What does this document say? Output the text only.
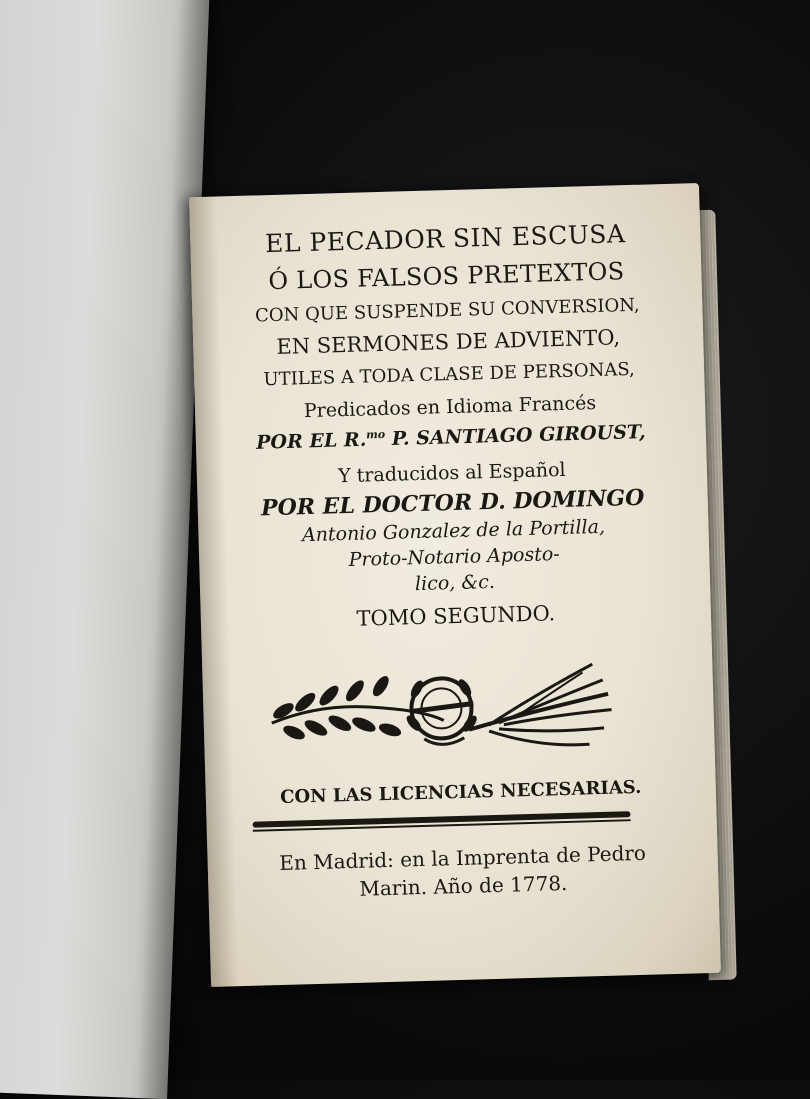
EL PECADOR SIN ESCUSA
Ó LOS FALSOS PRETEXTOS
CON QUE SUSPENDE SU CONVERSION,
EN SERMONES DE ADVIENTO,
UTILES A TODA CLASE DE PERSONAS,
Predicados en Idioma Francés
POR EL R.$^{mo}$ P. SANTIAGO GIROUST,
Y traducidos al Español
POR EL DOCTOR D. DOMINGO
Antonio Gonzalez de la Portilla,
Proto-Notario Aposto-
lico, &c.
TOMO SEGUNDO.
CON LAS LICENCIAS NECESARIAS.
En Madrid: en la Imprenta de Pedro
Marin. Año de 1778.
